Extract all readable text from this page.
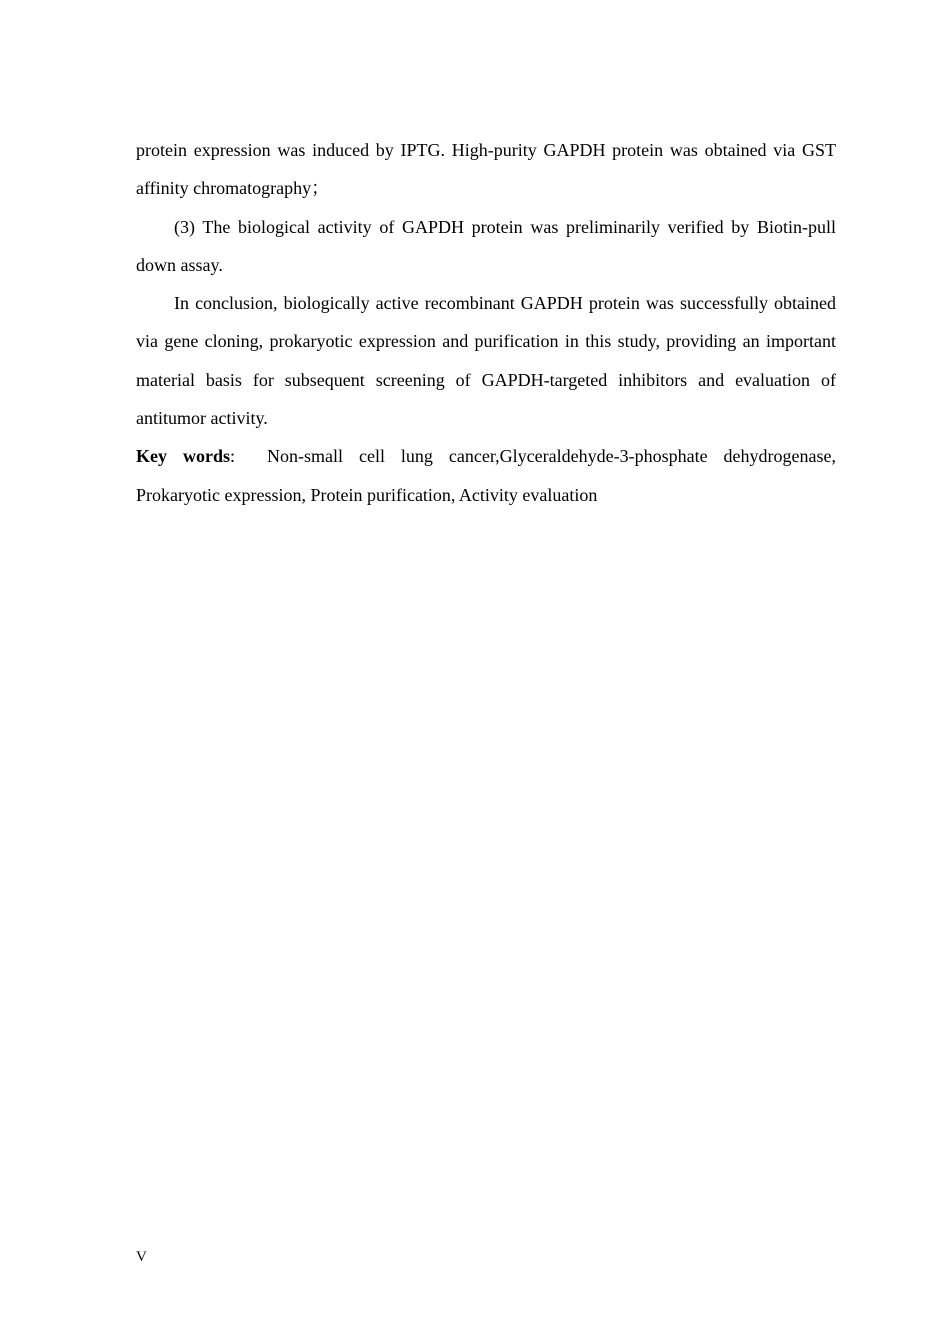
protein expression was induced by IPTG. High-purity GAPDH protein was obtained via GST affinity chromatography；

(3) The biological activity of GAPDH protein was preliminarily verified by Biotin-pull down assay.

In conclusion, biologically active recombinant GAPDH protein was successfully obtained via gene cloning, prokaryotic expression and purification in this study, providing an important material basis for subsequent screening of GAPDH-targeted inhibitors and evaluation of antitumor activity.

Key words: Non-small cell lung cancer,Glyceraldehyde-3-phosphate dehydrogenase, Prokaryotic expression, Protein purification, Activity evaluation

V
